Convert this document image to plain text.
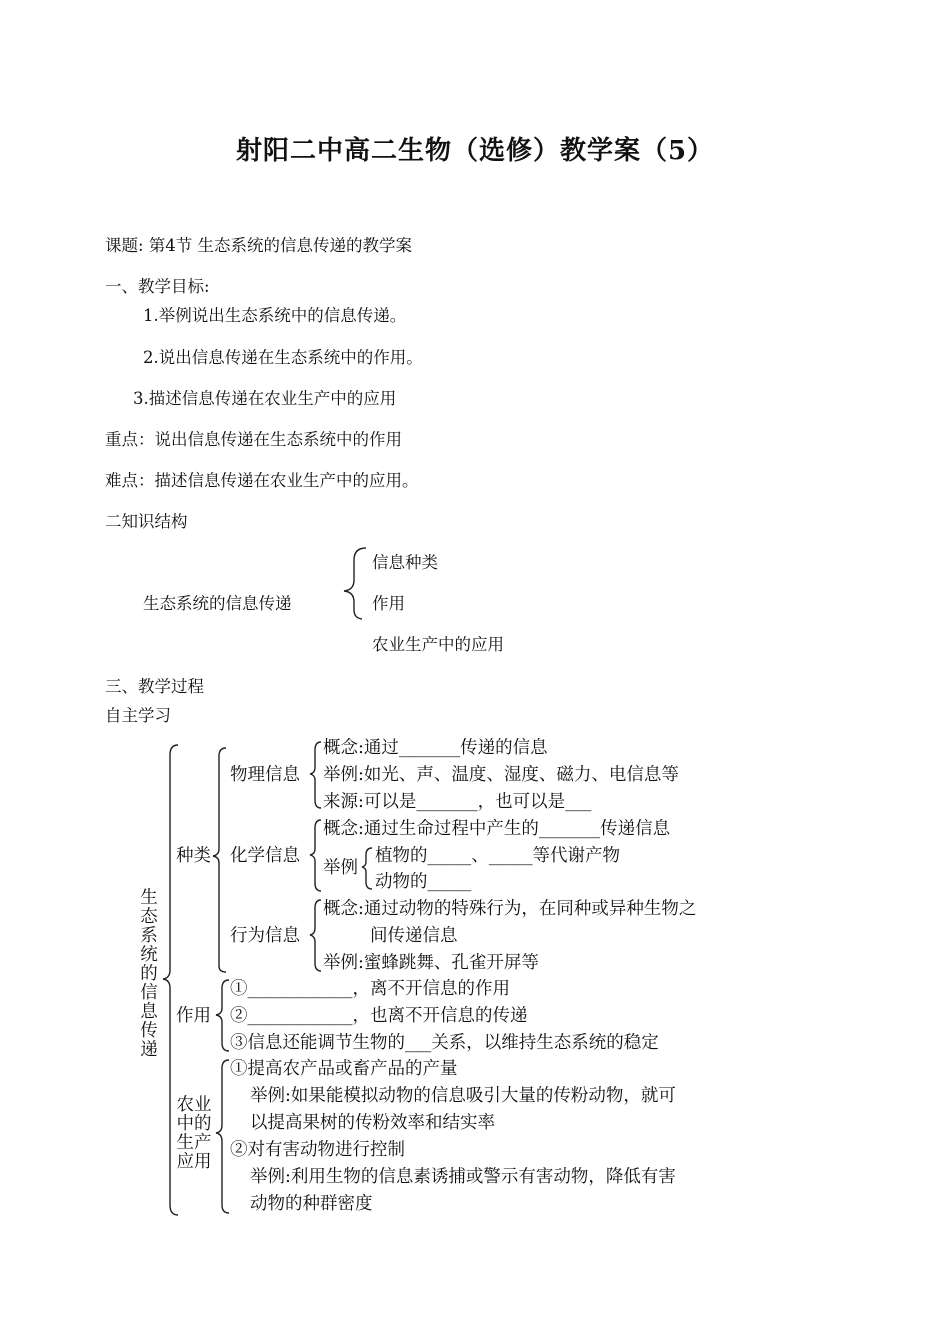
射阳二中高二生物（选修）教学案（5）
课题: 第4节 生态系统的信息传递的教学案
一、教学目标:
1.举例说出生态系统中的信息传递。
2.说出信息传递在生态系统中的作用。
3.描述信息传递在农业生产中的应用
重点：说出信息传递在生态系统中的作用
难点：描述信息传递在农业生产中的应用。
二知识结构
生态系统的信息传递
信息种类
作用
农业生产中的应用
三、教学过程
自主学习
生态系统的信息传递
种类
物理信息
概念:通过_______传递的信息
举例:如光、声、温度、湿度、磁力、电信息等
来源:可以是_______，也可以是___
化学信息
概念:通过生命过程中产生的_______传递信息
举例
植物的_____、_____等代谢产物
动物的_____
行为信息
概念:通过动物的特殊行为，在同种或异种生物之
间传递信息
举例:蜜蜂跳舞、孔雀开屏等
作用
①____________，离不开信息的作用
②____________，也离不开信息的传递
③信息还能调节生物的___关系，以维持生态系统的稳定
农业中的生产应用
①提高农产品或畜产品的产量
举例:如果能模拟动物的信息吸引大量的传粉动物，就可
以提高果树的传粉效率和结实率
②对有害动物进行控制
举例:利用生物的信息素诱捕或警示有害动物，降低有害
动物的种群密度
